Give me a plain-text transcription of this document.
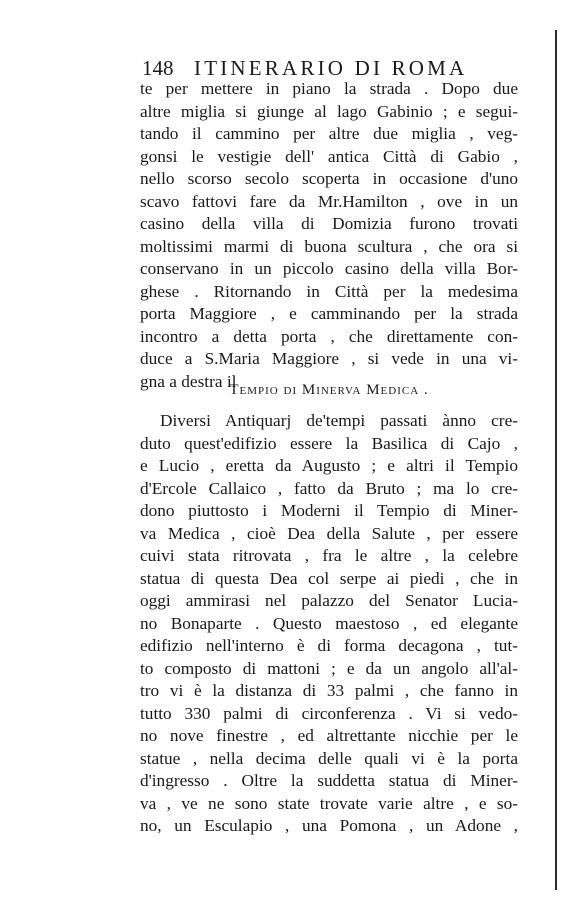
148 ITINERARIO DI ROMA
te per mettere in piano la strada . Dopo due
altre miglia si giunge al lago Gabinio ; e segui-
tando il cammino per altre due miglia , veg-
gonsi le vestigie dell' antica Città di Gabio ,
nello scorso secolo scoperta in occasione d'uno
scavo fattovi fare da Mr.Hamilton , ove in un
casino della villa di Domizia furono trovati
moltissimi marmi di buona scultura , che ora si
conservano in un piccolo casino della villa Bor-
ghese . Ritornando in Città per la medesima
porta Maggiore , e camminando per la strada
incontro a detta porta , che direttamente con-
duce a S.Maria Maggiore , si vede in una vi-
gna a destra il
Tempio di Minerva Medica .
Diversi Antiquarj de'tempi passati ànno cre-
duto quest'edifizio essere la Basilica di Cajo ,
e Lucio , eretta da Augusto ; e altri il Tempio
d'Ercole Callaico , fatto da Bruto ; ma lo cre-
dono piuttosto i Moderni il Tempio di Miner-
va Medica , cioè Dea della Salute , per essere
cuivi stata ritrovata , fra le altre , la celebre
statua di questa Dea col serpe ai piedi , che in
oggi ammirasi nel palazzo del Senator Lucia-
no Bonaparte . Questo maestoso , ed elegante
edifizio nell'interno è di forma decagona , tut-
to composto di mattoni ; e da un angolo all'al-
tro vi è la distanza di 33 palmi , che fanno in
tutto 330 palmi di circonferenza . Vi si vedo-
no nove finestre , ed altrettante nicchie per le
statue , nella decima delle quali vi è la porta
d'ingresso . Oltre la suddetta statua di Miner-
va , ve ne sono state trovate varie altre , e so-
no, un Esculapio , una Pomona , un Adone ,
